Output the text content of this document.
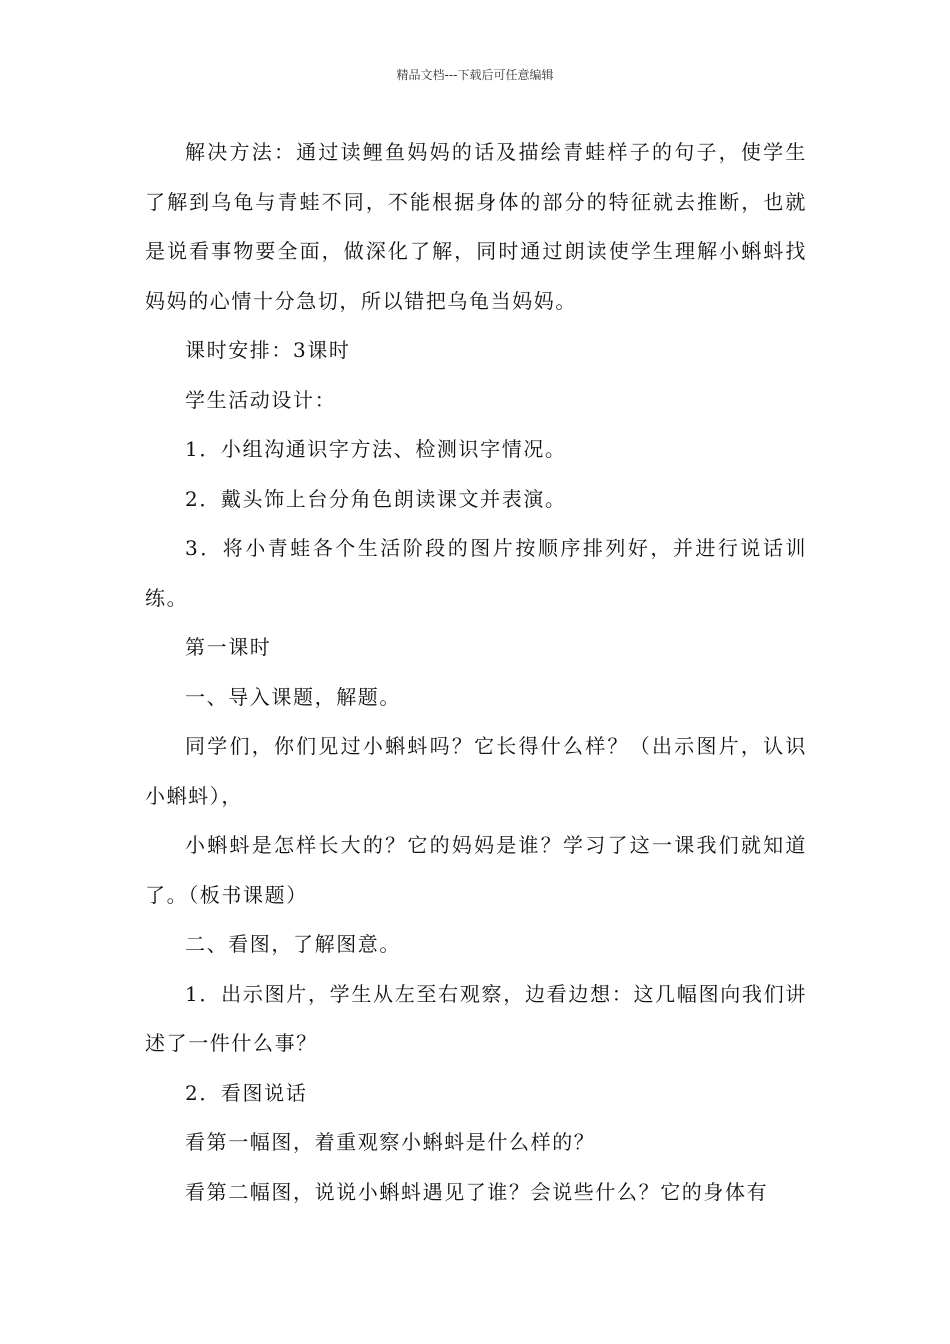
精品文档---下载后可任意编辑

解决方法：通过读鲤鱼妈妈的话及描绘青蛙样子的句子，使学生了解到乌龟与青蛙不同，不能根据身体的部分的特征就去推断，也就是说看事物要全面，做深化了解，同时通过朗读使学生理解小蝌蚪找妈妈的心情十分急切，所以错把乌龟当妈妈。

课时安排：3课时

学生活动设计：

1．小组沟通识字方法、检测识字情况。

2．戴头饰上台分角色朗读课文并表演。

3．将小青蛙各个生活阶段的图片按顺序排列好，并进行说话训练。

第一课时

一、导入课题，解题。

同学们，你们见过小蝌蚪吗？它长得什么样？（出示图片，认识小蝌蚪），

小蝌蚪是怎样长大的？它的妈妈是谁？学习了这一课我们就知道了。（板书课题）

二、看图，了解图意。

1．出示图片，学生从左至右观察，边看边想：这几幅图向我们讲述了一件什么事？

2．看图说话

看第一幅图，着重观察小蝌蚪是什么样的？

看第二幅图，说说小蝌蚪遇见了谁？会说些什么？它的身体有
